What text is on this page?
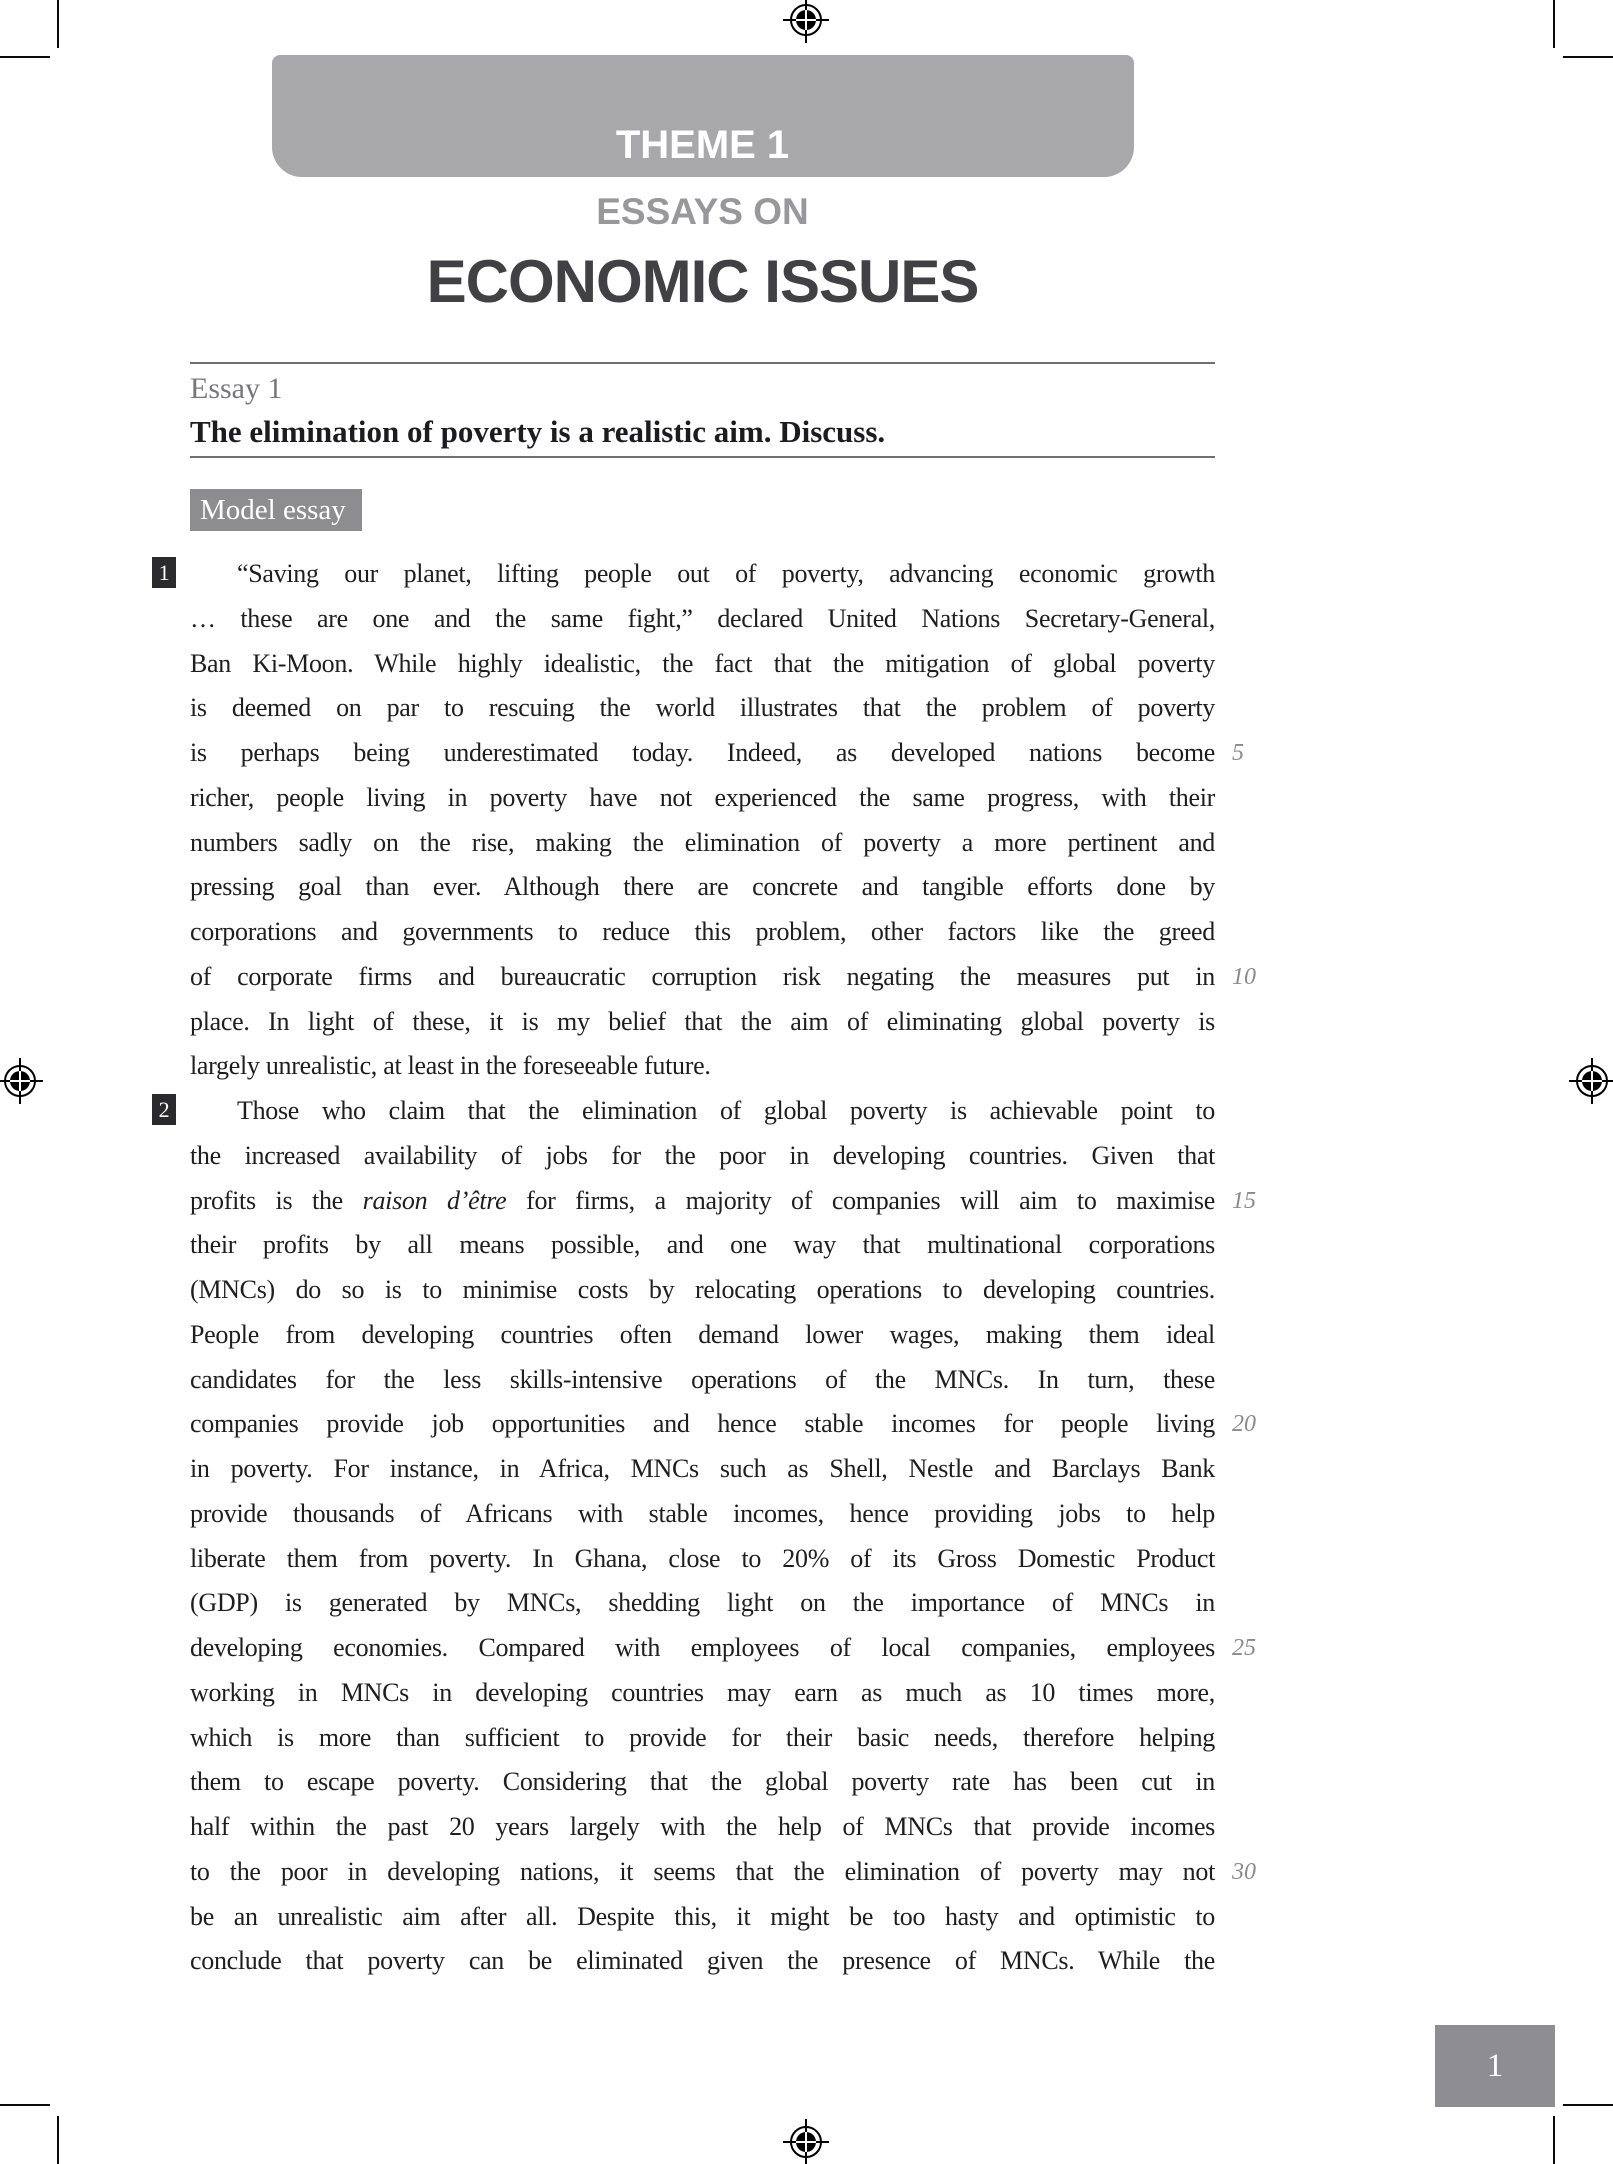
THEME 1
ESSAYS ON
ECONOMIC ISSUES
Essay 1
The elimination of poverty is a realistic aim. Discuss.
Model essay
1	“Saving our planet, lifting people out of poverty, advancing economic growth
… these are one and the same fight,” declared United Nations Secretary-General,
Ban Ki-Moon. While highly idealistic, the fact that the mitigation of global poverty
is deemed on par to rescuing the world illustrates that the problem of poverty
is perhaps being underestimated today. Indeed, as developed nations become
richer, people living in poverty have not experienced the same progress, with their
numbers sadly on the rise, making the elimination of poverty a more pertinent and
pressing goal than ever. Although there are concrete and tangible efforts done by
corporations and governments to reduce this problem, other factors like the greed
of corporate firms and bureaucratic corruption risk negating the measures put in
place. In light of these, it is my belief that the aim of eliminating global poverty is
largely unrealistic, at least in the foreseeable future.
2	Those who claim that the elimination of global poverty is achievable point to
the increased availability of jobs for the poor in developing countries. Given that
profits is the raison d’être for firms, a majority of companies will aim to maximise
their profits by all means possible, and one way that multinational corporations
(MNCs) do so is to minimise costs by relocating operations to developing countries.
People from developing countries often demand lower wages, making them ideal
candidates for the less skills-intensive operations of the MNCs. In turn, these
companies provide job opportunities and hence stable incomes for people living
in poverty. For instance, in Africa, MNCs such as Shell, Nestle and Barclays Bank
provide thousands of Africans with stable incomes, hence providing jobs to help
liberate them from poverty. In Ghana, close to 20% of its Gross Domestic Product
(GDP) is generated by MNCs, shedding light on the importance of MNCs in
developing economies. Compared with employees of local companies, employees
working in MNCs in developing countries may earn as much as 10 times more,
which is more than sufficient to provide for their basic needs, therefore helping
them to escape poverty. Considering that the global poverty rate has been cut in
half within the past 20 years largely with the help of MNCs that provide incomes
to the poor in developing nations, it seems that the elimination of poverty may not
be an unrealistic aim after all. Despite this, it might be too hasty and optimistic to
conclude that poverty can be eliminated given the presence of MNCs. While the
5
10
15
20
25
30
1
